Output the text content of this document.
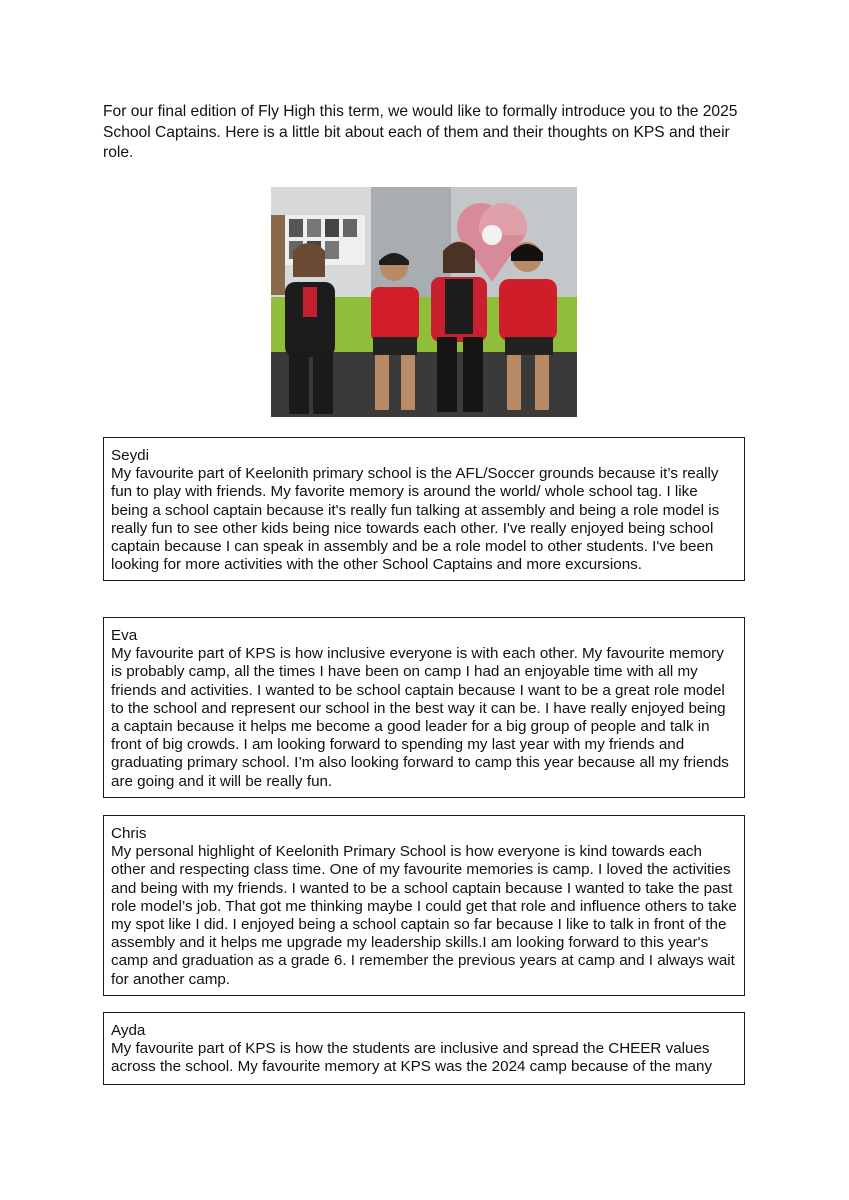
For our final edition of Fly High this term, we would like to formally introduce you to the 2025 School Captains. Here is a little bit about each of them and their thoughts on KPS and their role.

Seydi
My favourite part of Keelonith primary school is the AFL/Soccer grounds because it’s really fun to play with friends. My favorite memory is around the world/ whole school tag. I like being a school captain because it's really fun talking at assembly and being a role model is really fun to see other kids being nice towards each other. I've really enjoyed being school captain because I can speak in assembly and be a role model to other students. I've been looking for more activities with the other School Captains and more excursions.
Eva
My favourite part of KPS is how inclusive everyone is with each other. My favourite memory is probably camp, all the times I have been on camp I had an enjoyable time with all my friends and activities. I wanted to be school captain because I want to be a great role model to the school and represent our school in the best way it can be. I have really enjoyed being a captain because it helps me become a good leader for a big group of people and talk in front of big crowds. I am looking forward to spending my last year with my friends and graduating primary school. I’m also looking forward to camp this year because all my friends are going and it will be really fun.
Chris
My personal highlight of Keelonith Primary School is how everyone is kind towards each other and respecting class time. One of my favourite memories is camp. I loved the activities and being with my friends. I wanted to be a school captain because I wanted to take the past role model’s job. That got me thinking maybe I could get that role and influence others to take my spot like I did. I enjoyed being a school captain so far because I like to talk in front of the assembly and it helps me upgrade my leadership skills.I am looking forward to this year's camp and graduation as a grade 6. I remember the previous years at camp and I always wait for another camp.
Ayda
My favourite part of KPS is how the students are inclusive and spread the CHEER values across the school. My favourite memory at KPS was the 2024 camp because of the many
